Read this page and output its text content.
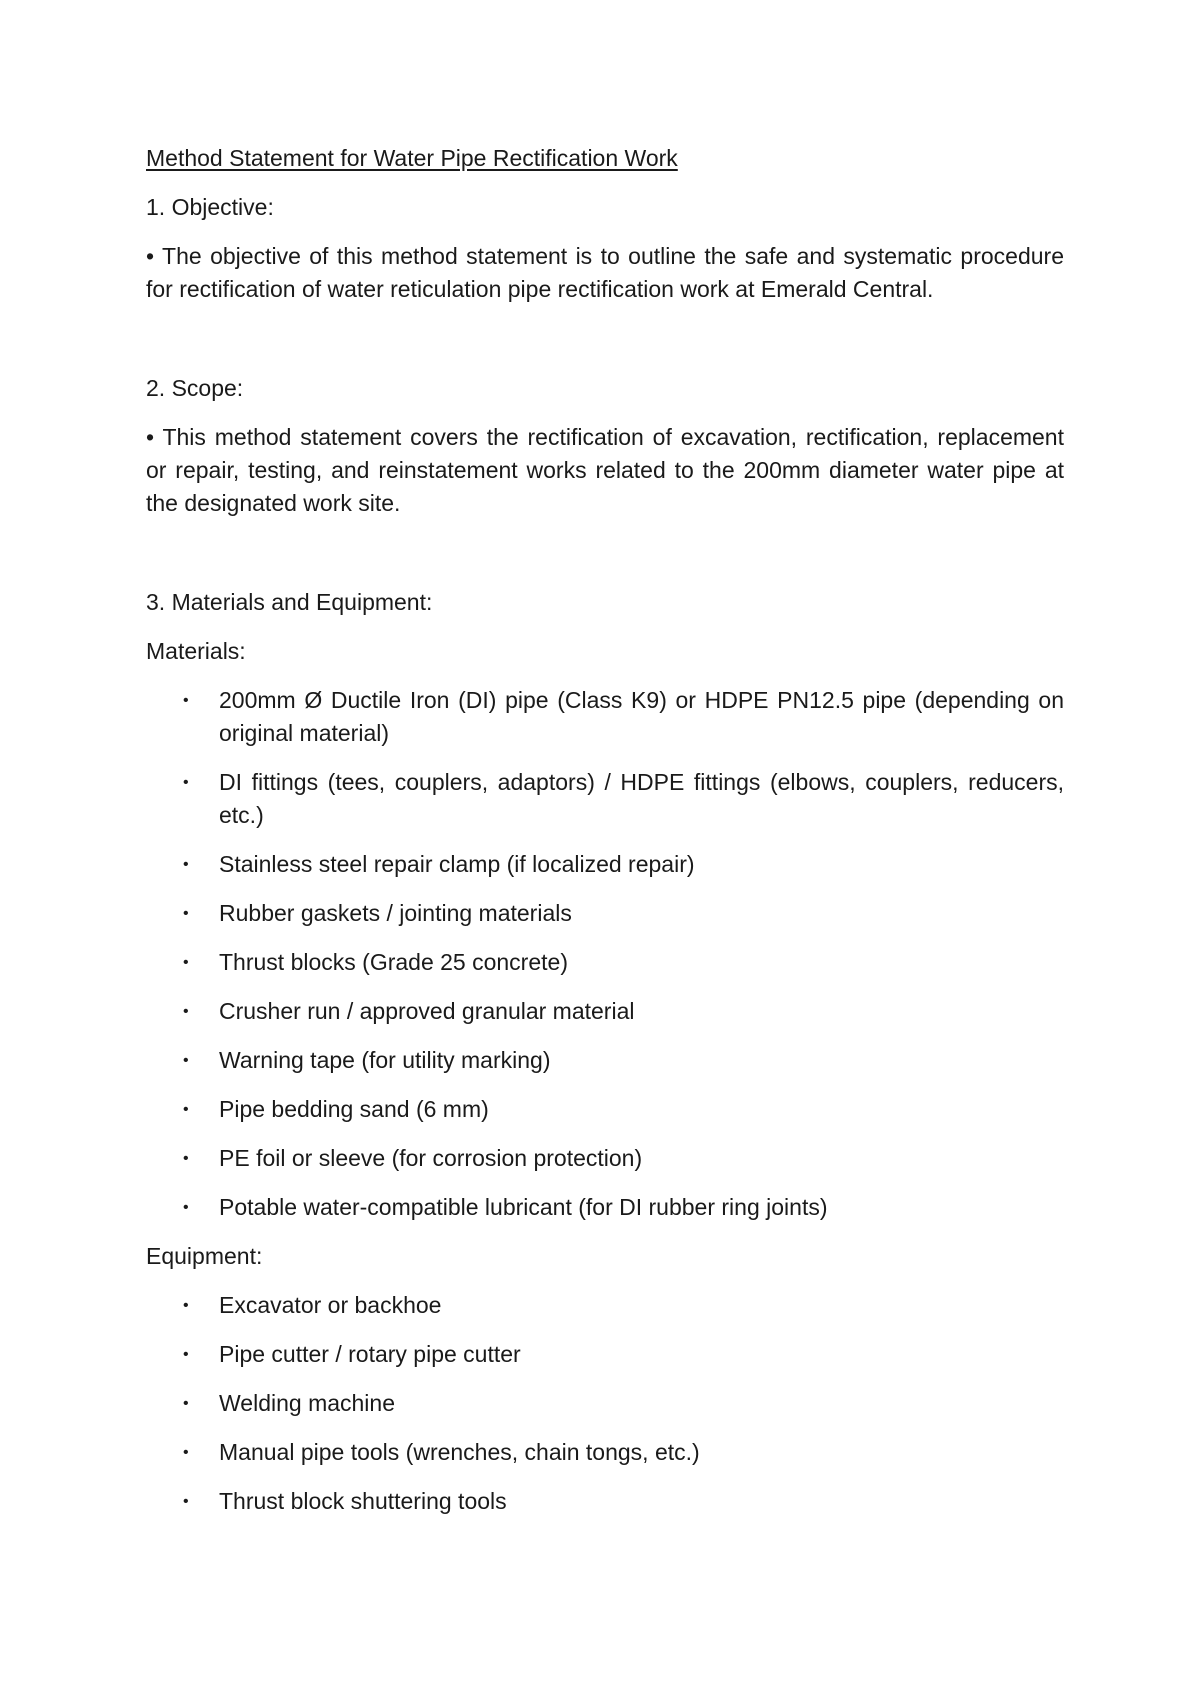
Method Statement for Water Pipe Rectification Work

1. Objective:

• The objective of this method statement is to outline the safe and systematic procedure for rectification of water reticulation pipe rectification work at Emerald Central.

2. Scope:

• This method statement covers the rectification of excavation, rectification, replacement or repair, testing, and reinstatement works related to the 200mm diameter water pipe at the designated work site.

3. Materials and Equipment:

Materials:

• 200mm Ø Ductile Iron (DI) pipe (Class K9) or HDPE PN12.5 pipe (depending on original material)
• DI fittings (tees, couplers, adaptors) / HDPE fittings (elbows, couplers, reducers, etc.)
• Stainless steel repair clamp (if localized repair)
• Rubber gaskets / jointing materials
• Thrust blocks (Grade 25 concrete)
• Crusher run / approved granular material
• Warning tape (for utility marking)
• Pipe bedding sand (6 mm)
• PE foil or sleeve (for corrosion protection)
• Potable water-compatible lubricant (for DI rubber ring joints)

Equipment:

• Excavator or backhoe
• Pipe cutter / rotary pipe cutter
• Welding machine
• Manual pipe tools (wrenches, chain tongs, etc.)
• Thrust block shuttering tools
